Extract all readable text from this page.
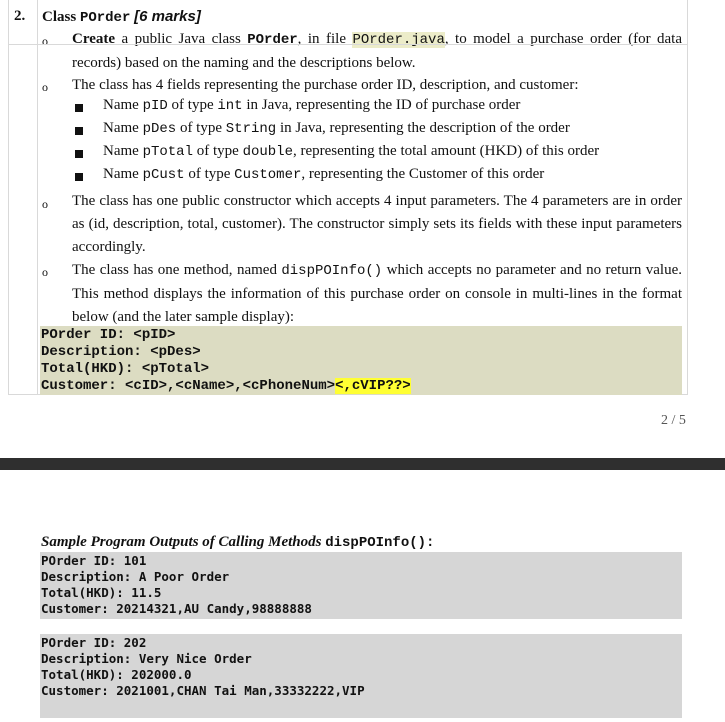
2. Class POrder [6 marks]
o Create a public Java class POrder, in file POrder.java, to model a purchase order (for data records) based on the naming and the descriptions below.
o The class has 4 fields representing the purchase order ID, description, and customer:
Name pID of type int in Java, representing the ID of purchase order
Name pDes of type String in Java, representing the description of the order
Name pTotal of type double, representing the total amount (HKD) of this order
Name pCust of type Customer, representing the Customer of this order
o The class has one public constructor which accepts 4 input parameters. The 4 parameters are in order as (id, description, total, customer). The constructor simply sets its fields with these input parameters accordingly.
o The class has one method, named dispPOInfo() which accepts no parameter and no return value. This method displays the information of this purchase order on console in multi-lines in the format below (and the later sample display):
POrder ID: <pID>
Description: <pDes>
Total(HKD): <pTotal>
Customer: <cID>,<cName>,<cPhoneNum><,cVIP??>
2 / 5
Sample Program Outputs of Calling Methods dispPOInfo():
POrder ID: 101
Description: A Poor Order
Total(HKD): 11.5
Customer: 20214321,AU Candy,98888888
POrder ID: 202
Description: Very Nice Order
Total(HKD): 202000.0
Customer: 2021001,CHAN Tai Man,33332222,VIP
